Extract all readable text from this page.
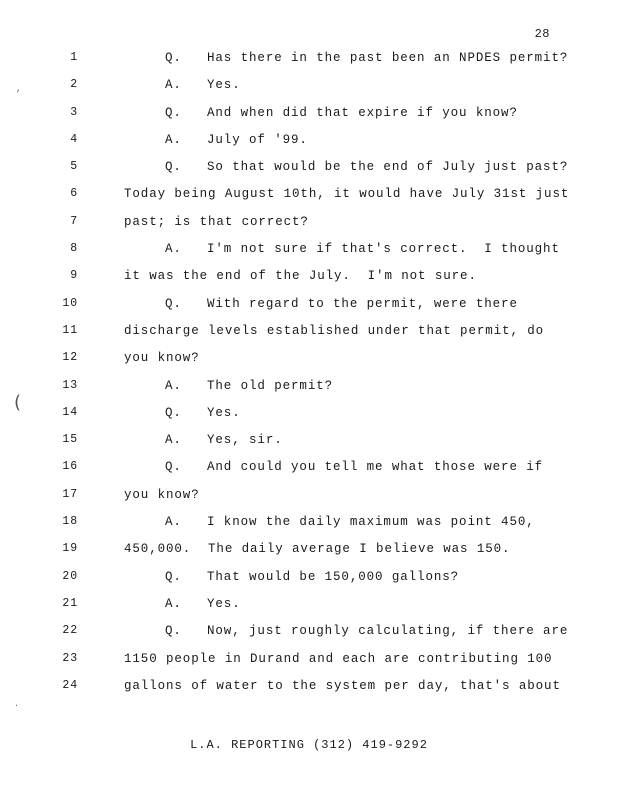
28
,
(
.
1	Q.   Has there in the past been an NPDES permit?
2	A.   Yes.
3	Q.   And when did that expire if you know?
4	A.   July of '99.
5	Q.   So that would be the end of July just past?
6	Today being August 10th, it would have July 31st just
7	past; is that correct?
8	A.   I'm not sure if that's correct.  I thought
9	it was the end of the July.  I'm not sure.
10	Q.   With regard to the permit, were there
11	discharge levels established under that permit, do
12	you know?
13	A.   The old permit?
14	Q.   Yes.
15	A.   Yes, sir.
16	Q.   And could you tell me what those were if
17	you know?
18	A.   I know the daily maximum was point 450,
19	450,000.  The daily average I believe was 150.
20	Q.   That would be 150,000 gallons?
21	A.   Yes.
22	Q.   Now, just roughly calculating, if there are
23	1150 people in Durand and each are contributing 100
24	gallons of water to the system per day, that's about
L.A. REPORTING (312) 419-9292
